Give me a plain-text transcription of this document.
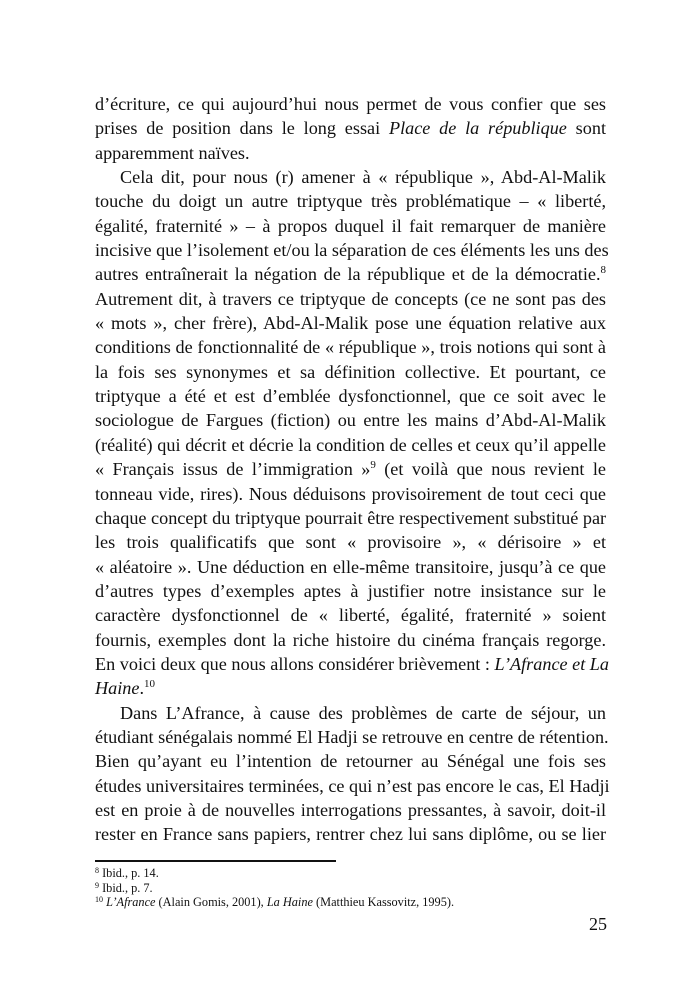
d’écriture, ce qui aujourd’hui nous permet de vous confier que ses
prises de position dans le long essai Place de la république sont
apparemment naïves.
Cela dit, pour nous (r) amener à « république », Abd-Al-Malik
touche du doigt un autre triptyque très problématique – « liberté,
égalité, fraternité » – à propos duquel il fait remarquer de manière
incisive que l’isolement et/ou la séparation de ces éléments les uns des
autres entraînerait la négation de la république et de la démocratie.$^8$
Autrement dit, à travers ce triptyque de concepts (ce ne sont pas des
« mots », cher frère), Abd-Al-Malik pose une équation relative aux
conditions de fonctionnalité de « république », trois notions qui sont à
la fois ses synonymes et sa définition collective. Et pourtant, ce
triptyque a été et est d’emblée dysfonctionnel, que ce soit avec le
sociologue de Fargues (fiction) ou entre les mains d’Abd-Al-Malik
(réalité) qui décrit et décrie la condition de celles et ceux qu’il appelle
« Français issus de l’immigration »$^9$ (et voilà que nous revient le
tonneau vide, rires). Nous déduisons provisoirement de tout ceci que
chaque concept du triptyque pourrait être respectivement substitué par
les trois qualificatifs que sont « provisoire », « dérisoire » et
« aléatoire ». Une déduction en elle-même transitoire, jusqu’à ce que
d’autres types d’exemples aptes à justifier notre insistance sur le
caractère dysfonctionnel de « liberté, égalité, fraternité » soient
fournis, exemples dont la riche histoire du cinéma français regorge.
En voici deux que nous allons considérer brièvement : L’Afrance et La
Haine.$^{10}$
Dans L’Afrance, à cause des problèmes de carte de séjour, un
étudiant sénégalais nommé El Hadji se retrouve en centre de rétention.
Bien qu’ayant eu l’intention de retourner au Sénégal une fois ses
études universitaires terminées, ce qui n’est pas encore le cas, El Hadji
est en proie à de nouvelles interrogations pressantes, à savoir, doit-il
rester en France sans papiers, rentrer chez lui sans diplôme, ou se lier
$^8$ Ibid., p. 14.
$^9$ Ibid., p. 7.
$^{10}$ L’Afrance (Alain Gomis, 2001), La Haine (Matthieu Kassovitz, 1995).
25
